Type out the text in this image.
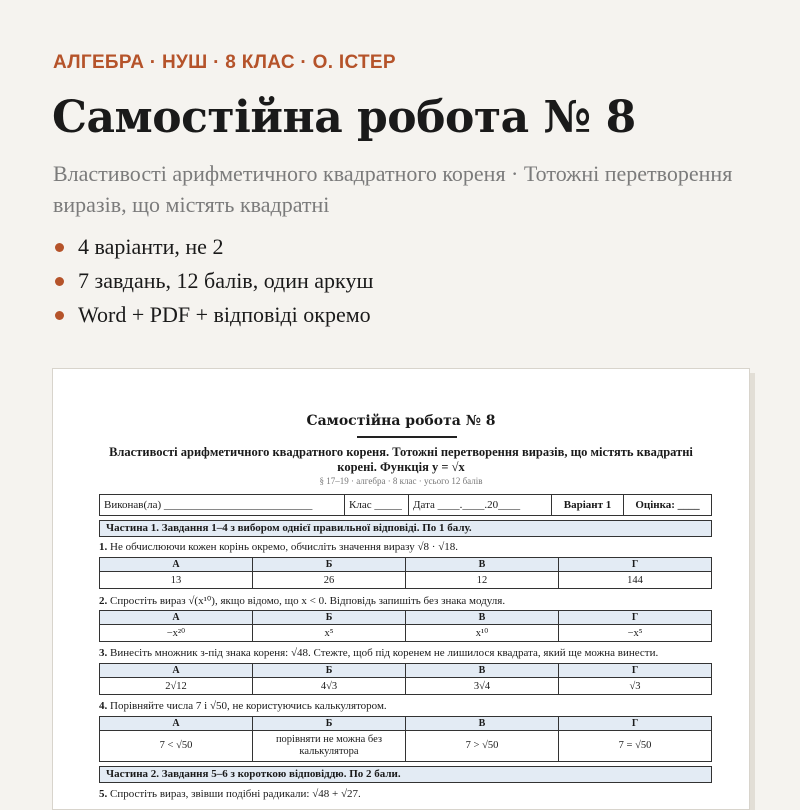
АЛГЕБРА · НУШ · 8 КЛАС · О. ІСТЕР
Самостійна робота № 8
Властивості арифметичного квадратного кореня · Тотожні перетворення виразів, що містять квадратні
4 варіанти, не 2
7 завдань, 12 балів, один аркуш
Word + PDF + відповіді окремо
Самостійна робота № 8
Властивості арифметичного квадратного кореня. Тотожні перетворення виразів, що містять квадратні корені. Функція y = √x
§ 17–19 · алгебра · 8 клас · усього 12 балів
Виконав(ла) ___________________________	Клас _____	Дата ____.____.20____	Варіант 1	Оцінка: ____
Частина 1. Завдання 1–4 з вибором однієї правильної відповіді. По 1 балу.
1. Не обчислюючи кожен корінь окремо, обчисліть значення виразу √8 · √18.
А	Б	В	Г
13	26	12	144
2. Спростіть вираз √(x¹⁰), якщо відомо, що x < 0. Відповідь запишіть без знака модуля.
А	Б	В	Г
−x²⁰	x⁵	x¹⁰	−x⁵
3. Винесіть множник з-під знака кореня: √48. Стежте, щоб під коренем не лишилося квадрата, який ще можна винести.
А	Б	В	Г
2√12	4√3	3√4	√3
4. Порівняйте числа 7 і √50, не користуючись калькулятором.
А	Б	В	Г
7 < √50	порівняти не можна без калькулятора	7 > √50	7 = √50
Частина 2. Завдання 5–6 з короткою відповіддю. По 2 бали.
5. Спростіть вираз, звівши подібні радикали: √48 + √27.
